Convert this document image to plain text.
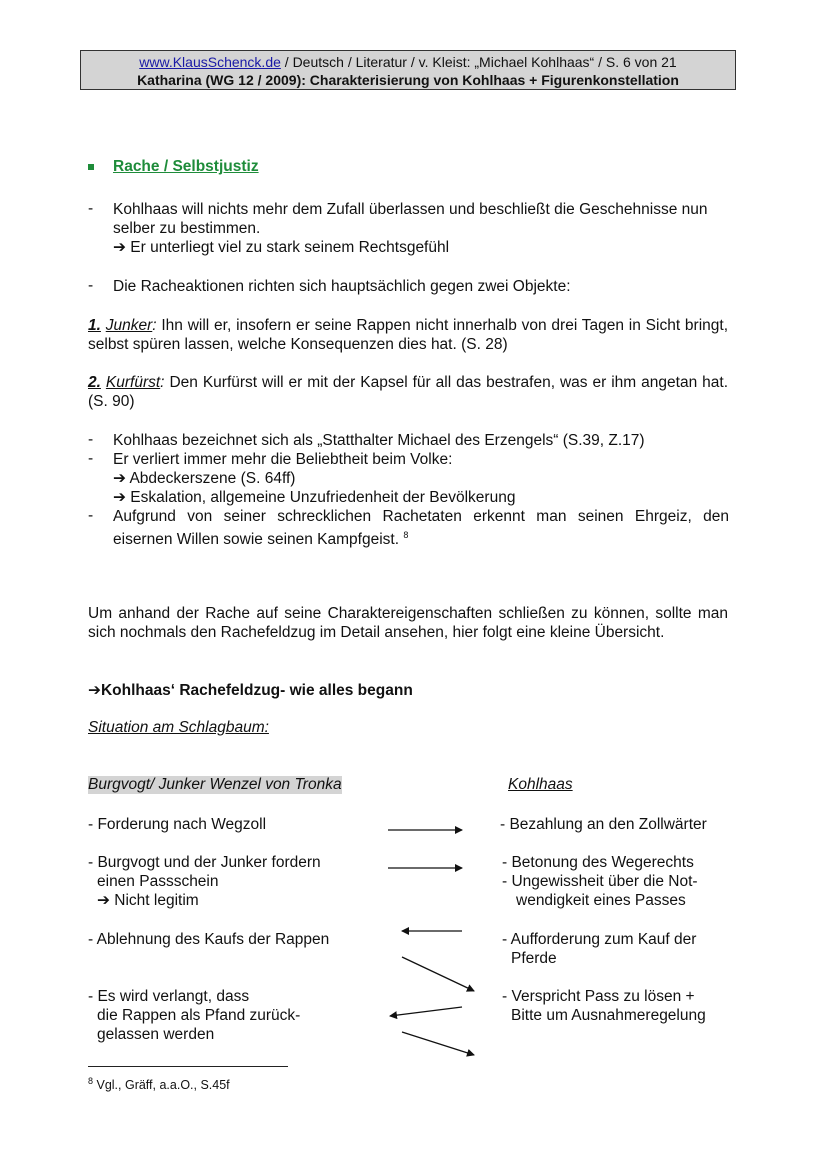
www.KlausSchenck.de / Deutsch / Literatur / v. Kleist: „Michael Kohlhaas“ / S. 6 von 21
Katharina (WG 12 / 2009): Charakterisierung von Kohlhaas + Figurenkonstellation
Rache / Selbstjustiz
- Kohlhaas will nichts mehr dem Zufall überlassen und beschließt die Geschehnisse nun selber zu bestimmen.
➔ Er unterliegt viel zu stark seinem Rechtsgefühl
- Die Racheaktionen richten sich hauptsächlich gegen zwei Objekte:
1. Junker: Ihn will er, insofern er seine Rappen nicht innerhalb von drei Tagen in Sicht bringt, selbst spüren lassen, welche Konsequenzen dies hat. (S. 28)
2. Kurfürst: Den Kurfürst will er mit der Kapsel für all das bestrafen, was er ihm angetan hat. (S. 90)
- Kohlhaas bezeichnet sich als „Statthalter Michael des Erzengels“ (S.39, Z.17)
- Er verliert immer mehr die Beliebtheit beim Volke:
➔ Abdeckerszene (S. 64ff)
➔ Eskalation, allgemeine Unzufriedenheit der Bevölkerung
- Aufgrund von seiner schrecklichen Rachetaten erkennt man seinen Ehrgeiz, den eisernen Willen sowie seinen Kampfgeist. $^8$
Um anhand der Rache auf seine Charaktereigenschaften schließen zu können, sollte man sich nochmals den Rachefeldzug im Detail ansehen, hier folgt eine kleine Übersicht.
➔Kohlhaas‘ Rachefeldzug- wie alles begann
Situation am Schlagbaum:
Burgvogt/ Junker Wenzel von Tronka	Kohlhaas
- Forderung nach Wegzoll
- Burgvogt und der Junker fordern
einen Passschein
➔ Nicht legitim
- Ablehnung des Kaufs der Rappen
- Es wird verlangt, dass
die Rappen als Pfand zurück-
gelassen werden
- Bezahlung an den Zollwärter
- Betonung des Wegerechts
- Ungewissheit über die Not-
wendigkeit eines Passes
- Aufforderung zum Kauf der
Pferde
- Verspricht Pass zu lösen +
Bitte um Ausnahmeregelung
$^8$ Vgl., Gräff, a.a.O., S.45f
